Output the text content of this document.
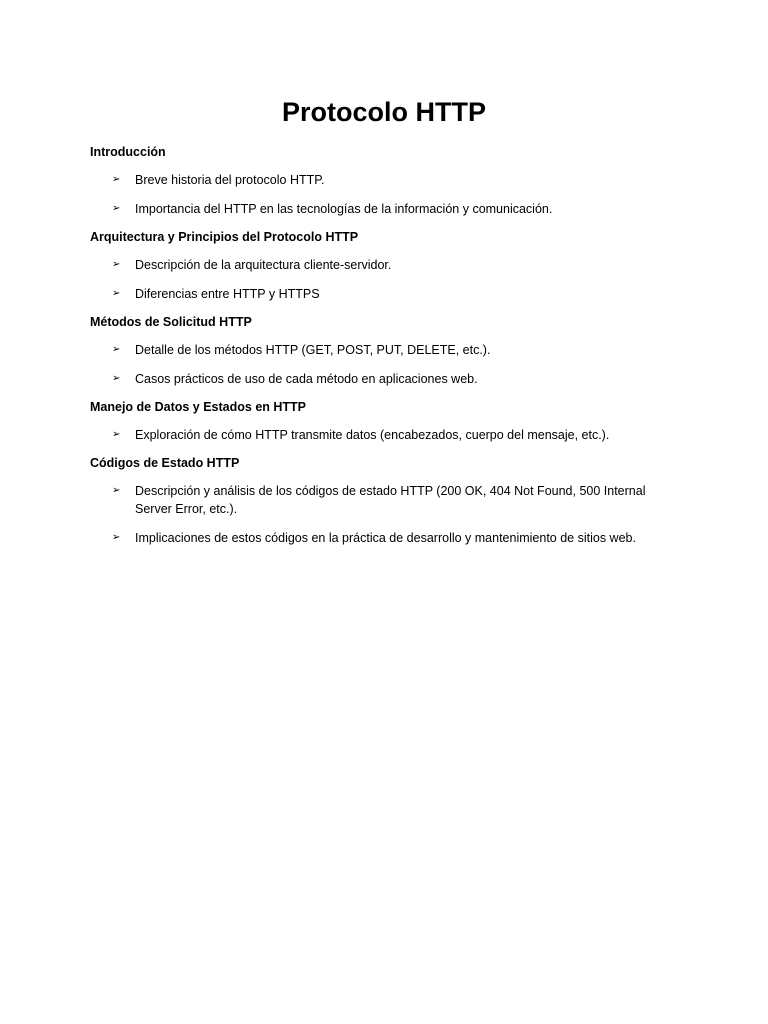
Protocolo HTTP
Introducción
➢ Breve historia del protocolo HTTP.
➢ Importancia del HTTP en las tecnologías de la información y comunicación.
Arquitectura y Principios del Protocolo HTTP
➢ Descripción de la arquitectura cliente-servidor.
➢ Diferencias entre HTTP y HTTPS
Métodos de Solicitud HTTP
➢ Detalle de los métodos HTTP (GET, POST, PUT, DELETE, etc.).
➢ Casos prácticos de uso de cada método en aplicaciones web.
Manejo de Datos y Estados en HTTP
➢ Exploración de cómo HTTP transmite datos (encabezados, cuerpo del mensaje, etc.).
Códigos de Estado HTTP
➢ Descripción y análisis de los códigos de estado HTTP (200 OK, 404 Not Found, 500 Internal Server Error, etc.).
➢ Implicaciones de estos códigos en la práctica de desarrollo y mantenimiento de sitios web.
